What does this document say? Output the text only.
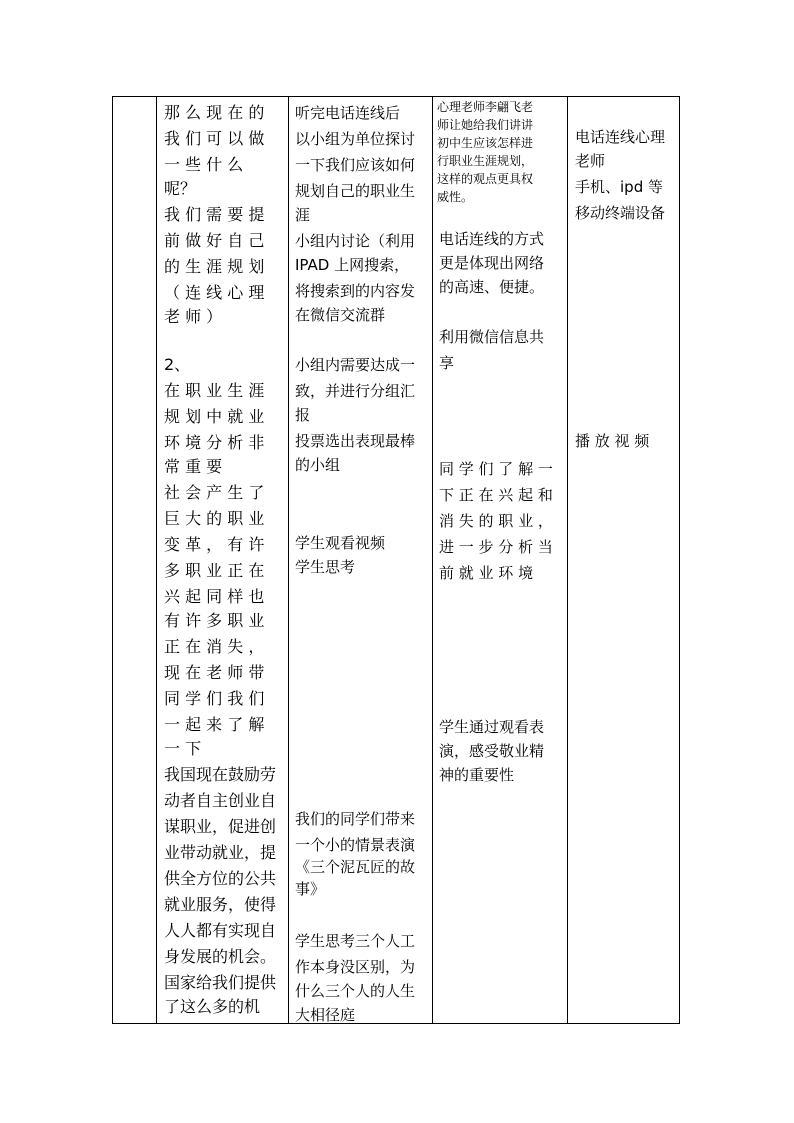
那 么 现 在 的
我 们 可 以 做
一 些 什 么
呢？
我 们 需 要 提
前 做 好 自 己
的 生 涯 规 划
（ 连 线 心 理
老 师 ）
2、
在 职 业 生 涯
规 划 中 就 业
环 境 分 析 非
常 重 要
社 会 产 生 了
巨 大 的 职 业
变 革 ， 有 许
多 职 业 正 在
兴 起 同 样 也
有 许 多 职 业
正 在 消 失 ，
现 在 老 师 带
同 学 们 我 们
一 起 来 了 解
一 下
我国现在鼓励劳
动者自主创业自
谋职业，促进创
业带动就业，提
供全方位的公共
就业服务，使得
人人都有实现自
身发展的机会。
国家给我们提供
了这么多的机
听完电话连线后
以小组为单位探讨
一下我们应该如何
规划自己的职业生
涯
小组内讨论（利用
IPAD 上网搜索，
将搜索到的内容发
在微信交流群
小组内需要达成一
致，并进行分组汇
报
投票选出表现最棒
的小组
学生观看视频
学生思考
我们的同学们带来
一个小的情景表演
《三个泥瓦匠的故
事》
学生思考三个人工
作本身没区别，为
什么三个人的人生
大相径庭
心理老师李翩飞老
师让她给我们讲讲
初中生应该怎样进
行职业生涯规划，
这样的观点更具权
威性。
电话连线的方式
更是体现出网络
的高速、便捷。
利用微信信息共
享
同 学 们 了 解 一
下 正 在 兴 起 和
消 失 的 职 业 ，
进 一 步 分 析 当
前 就 业 环 境
学生通过观看表
演，感受敬业精
神的重要性
电话连线心理
老师
手机、ipd 等
移动终端设备
播 放 视 频
